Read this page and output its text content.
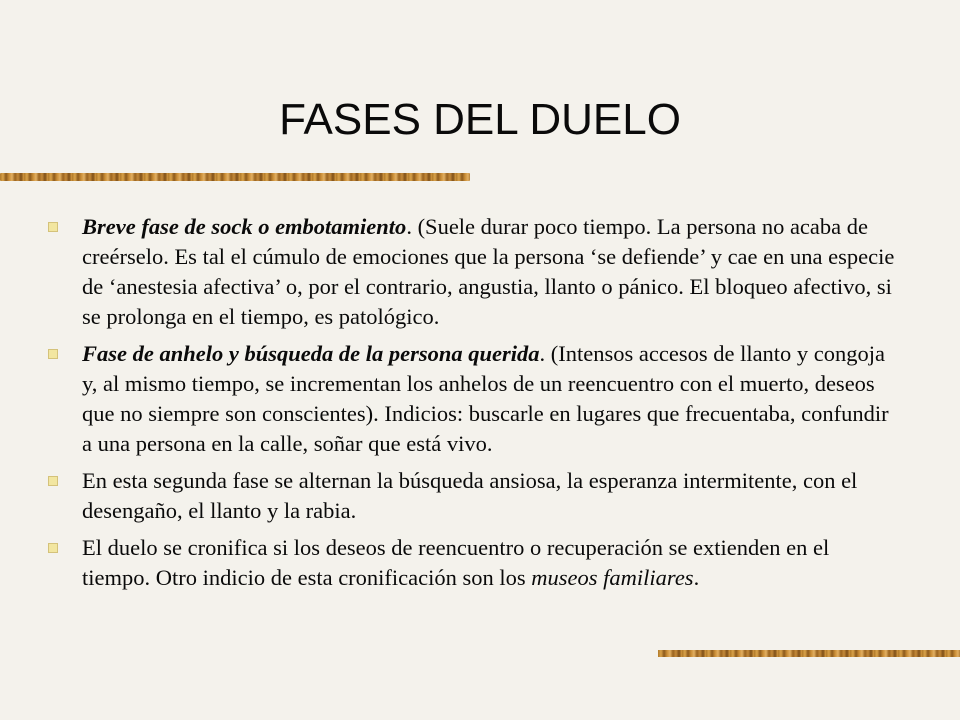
FASES DEL DUELO
Breve fase de sock o embotamiento. (Suele durar poco tiempo. La persona no acaba de creérselo. Es tal el cúmulo de emociones que la persona ‘se defiende’ y cae en una especie de ‘anestesia afectiva’ o, por el contrario, angustia, llanto o pánico. El bloqueo afectivo, si se prolonga en el tiempo, es patológico.
Fase de anhelo y búsqueda de la persona querida. (Intensos accesos de llanto y congoja y, al mismo tiempo, se incrementan los anhelos de un reencuentro con el muerto, deseos que no siempre son conscientes). Indicios: buscarle en lugares que frecuentaba, confundir a una persona en la calle, soñar que está vivo.
En esta segunda fase se alternan la búsqueda ansiosa, la esperanza intermitente, con el desengaño, el llanto y la rabia.
El duelo se cronifica si los deseos de reencuentro o recuperación se extienden en el tiempo. Otro indicio de esta cronificación son los museos familiares.
